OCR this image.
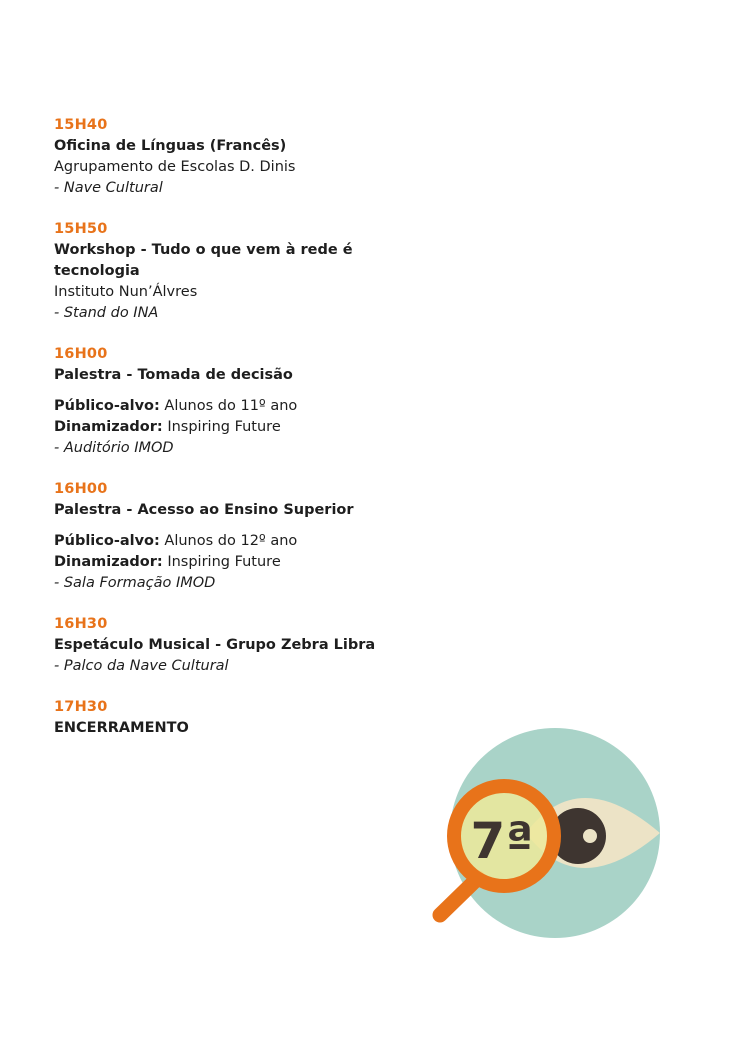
15H40
Oficina de Línguas (Francês)
Agrupamento de Escolas D. Dinis
- Nave Cultural
15H50
Workshop - Tudo o que vem à rede é
tecnologia
Instituto Nun’Álvres
- Stand do INA
16H00
Palestra - Tomada de decisão
Público-alvo: Alunos do 11º ano
Dinamizador: Inspiring Future
- Auditório IMOD
16H00
Palestra - Acesso ao Ensino Superior
Público-alvo: Alunos do 12º ano
Dinamizador: Inspiring Future
- Sala Formação IMOD
16H30
Espetáculo Musical - Grupo Zebra Libra
- Palco da Nave Cultural
17H30
ENCERRAMENTO
7ª
